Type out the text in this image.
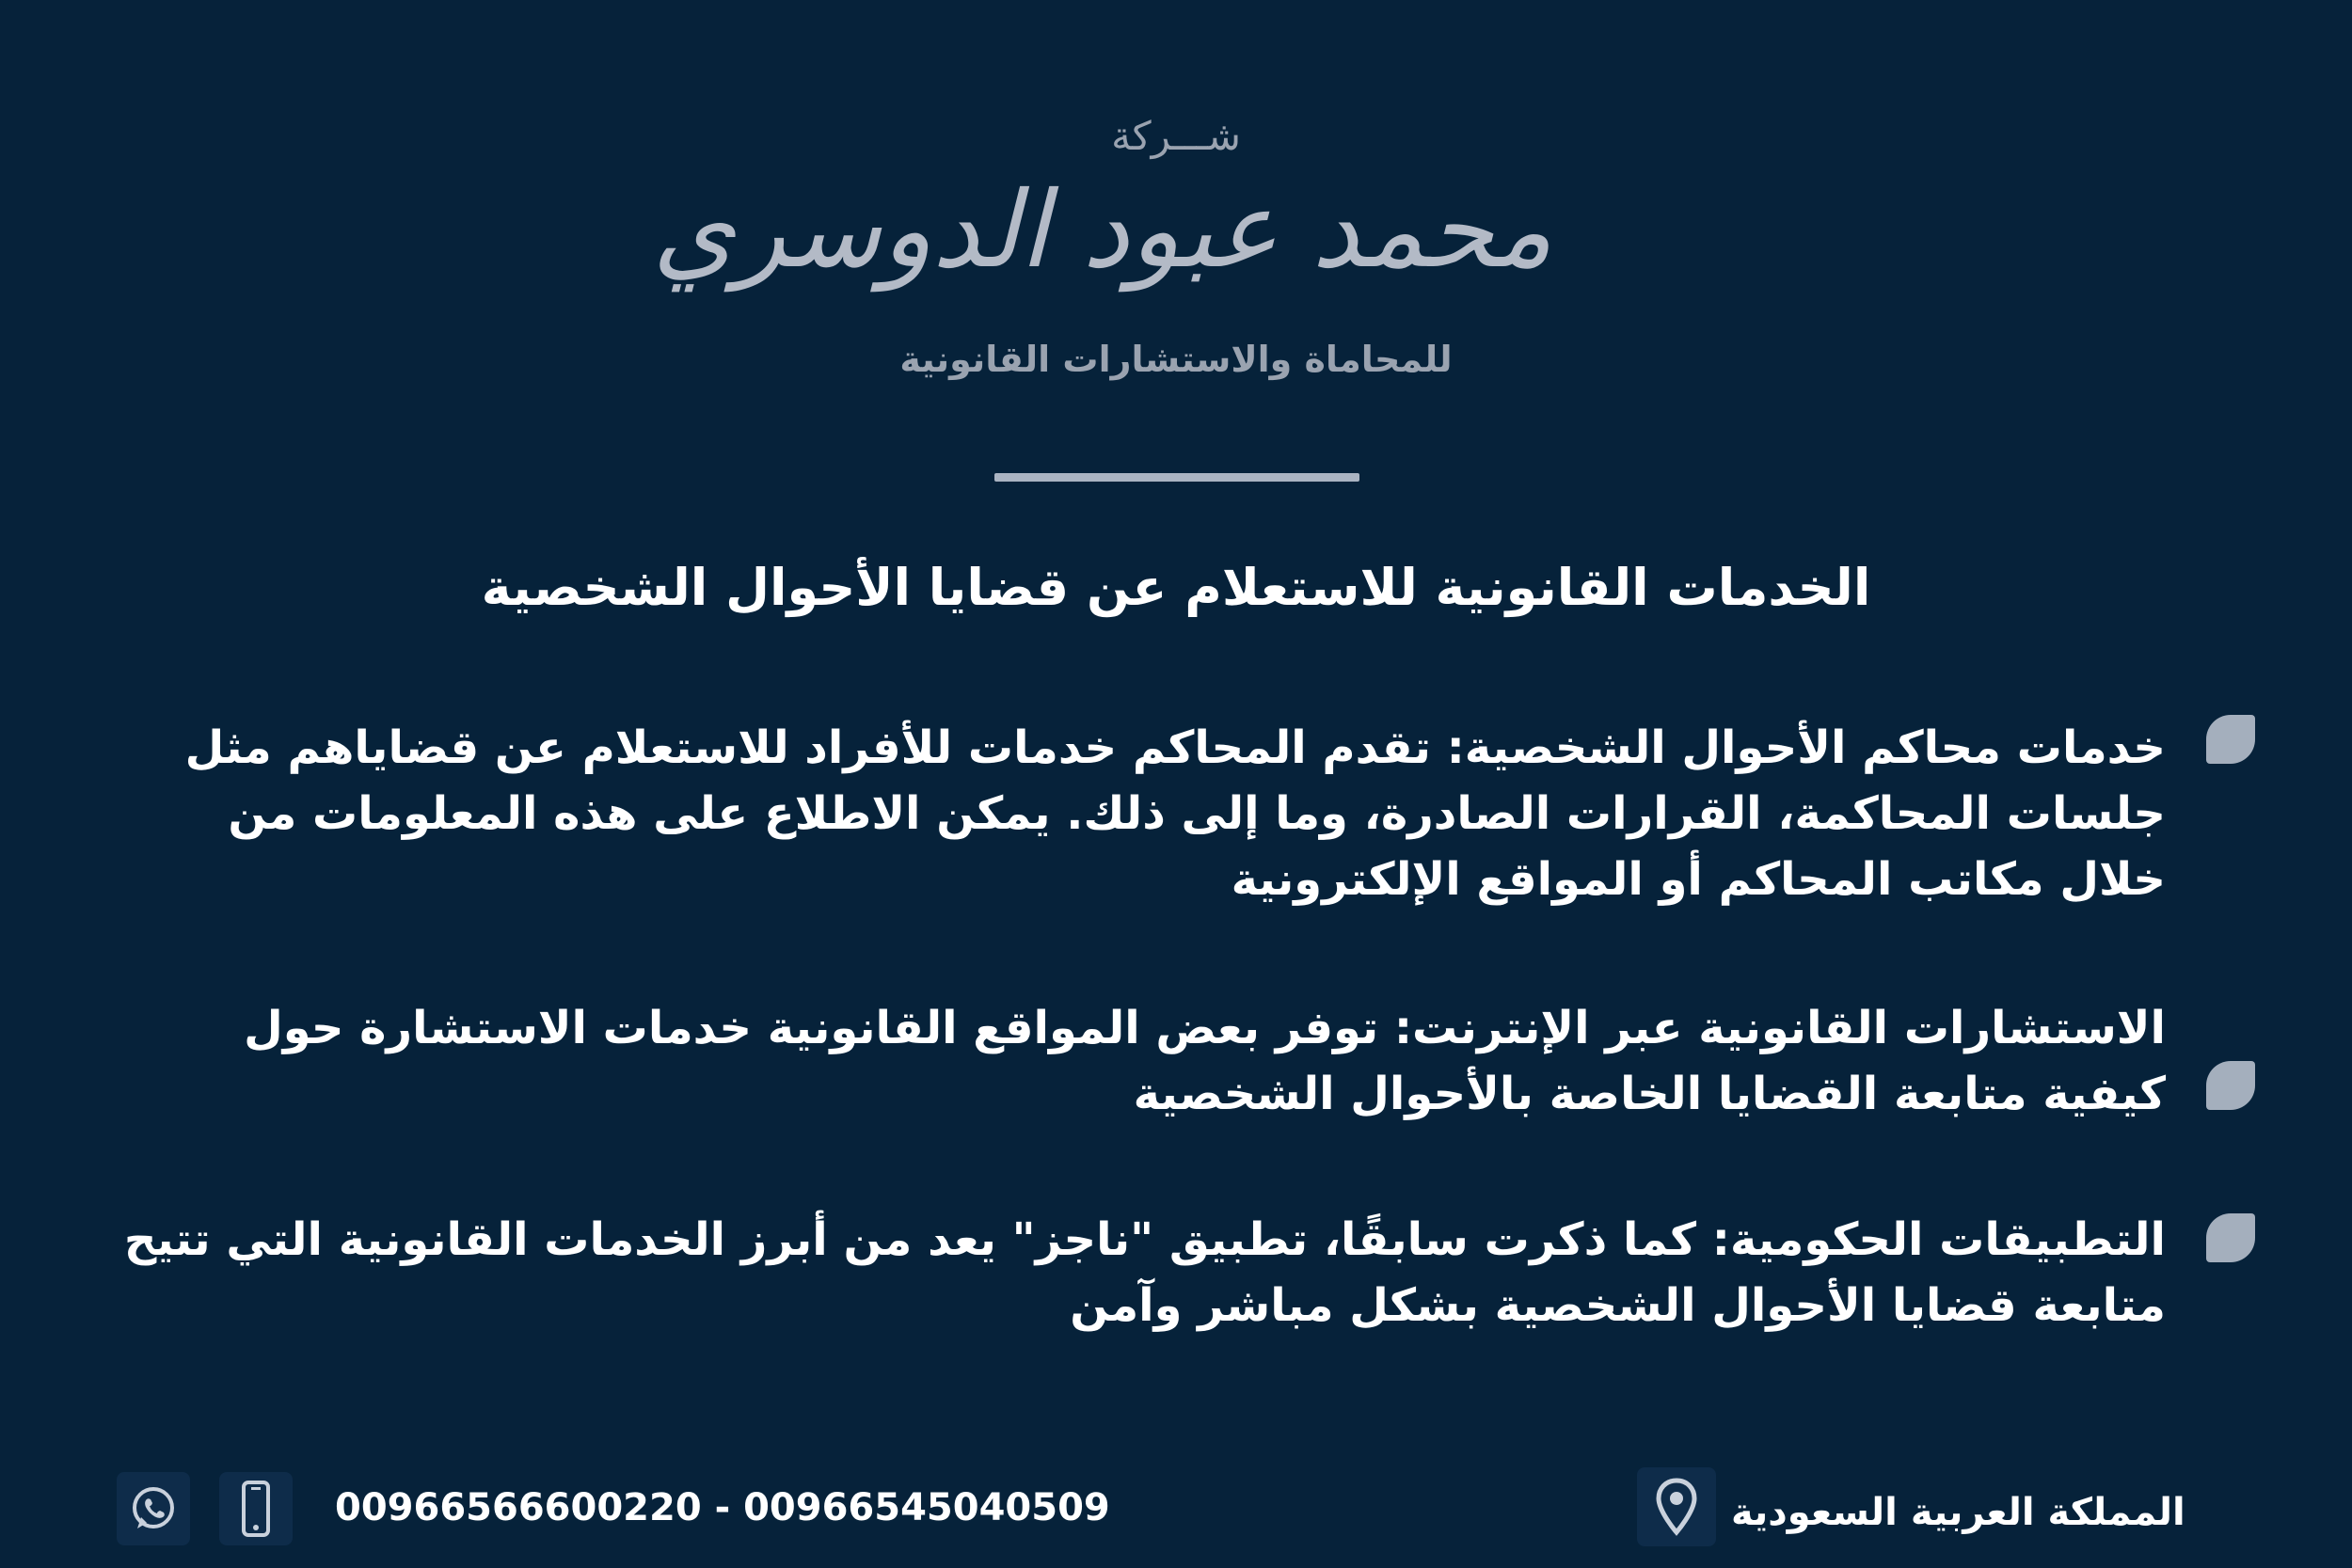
شـــركة
محمد عبود الدوسري
للمحاماة والاستشارات القانونية
الخدمات القانونية للاستعلام عن قضايا الأحوال الشخصية
خدمات محاكم الأحوال الشخصية: تقدم المحاكم خدمات للأفراد للاستعلام عن قضاياهم مثل جلسات المحاكمة، القرارات الصادرة، وما إلى ذلك. يمكن الاطلاع على هذه المعلومات من خلال مكاتب المحاكم أو المواقع الإلكترونية
الاستشارات القانونية عبر الإنترنت: توفر بعض المواقع القانونية خدمات الاستشارة حول كيفية متابعة القضايا الخاصة بالأحوال الشخصية
التطبيقات الحكومية: كما ذكرت سابقًا، تطبيق "ناجز" يعد من أبرز الخدمات القانونية التي تتيح متابعة قضايا الأحوال الشخصية بشكل مباشر وآمن
00966566600220 - 00966545040509	المملكة العربية السعودية
